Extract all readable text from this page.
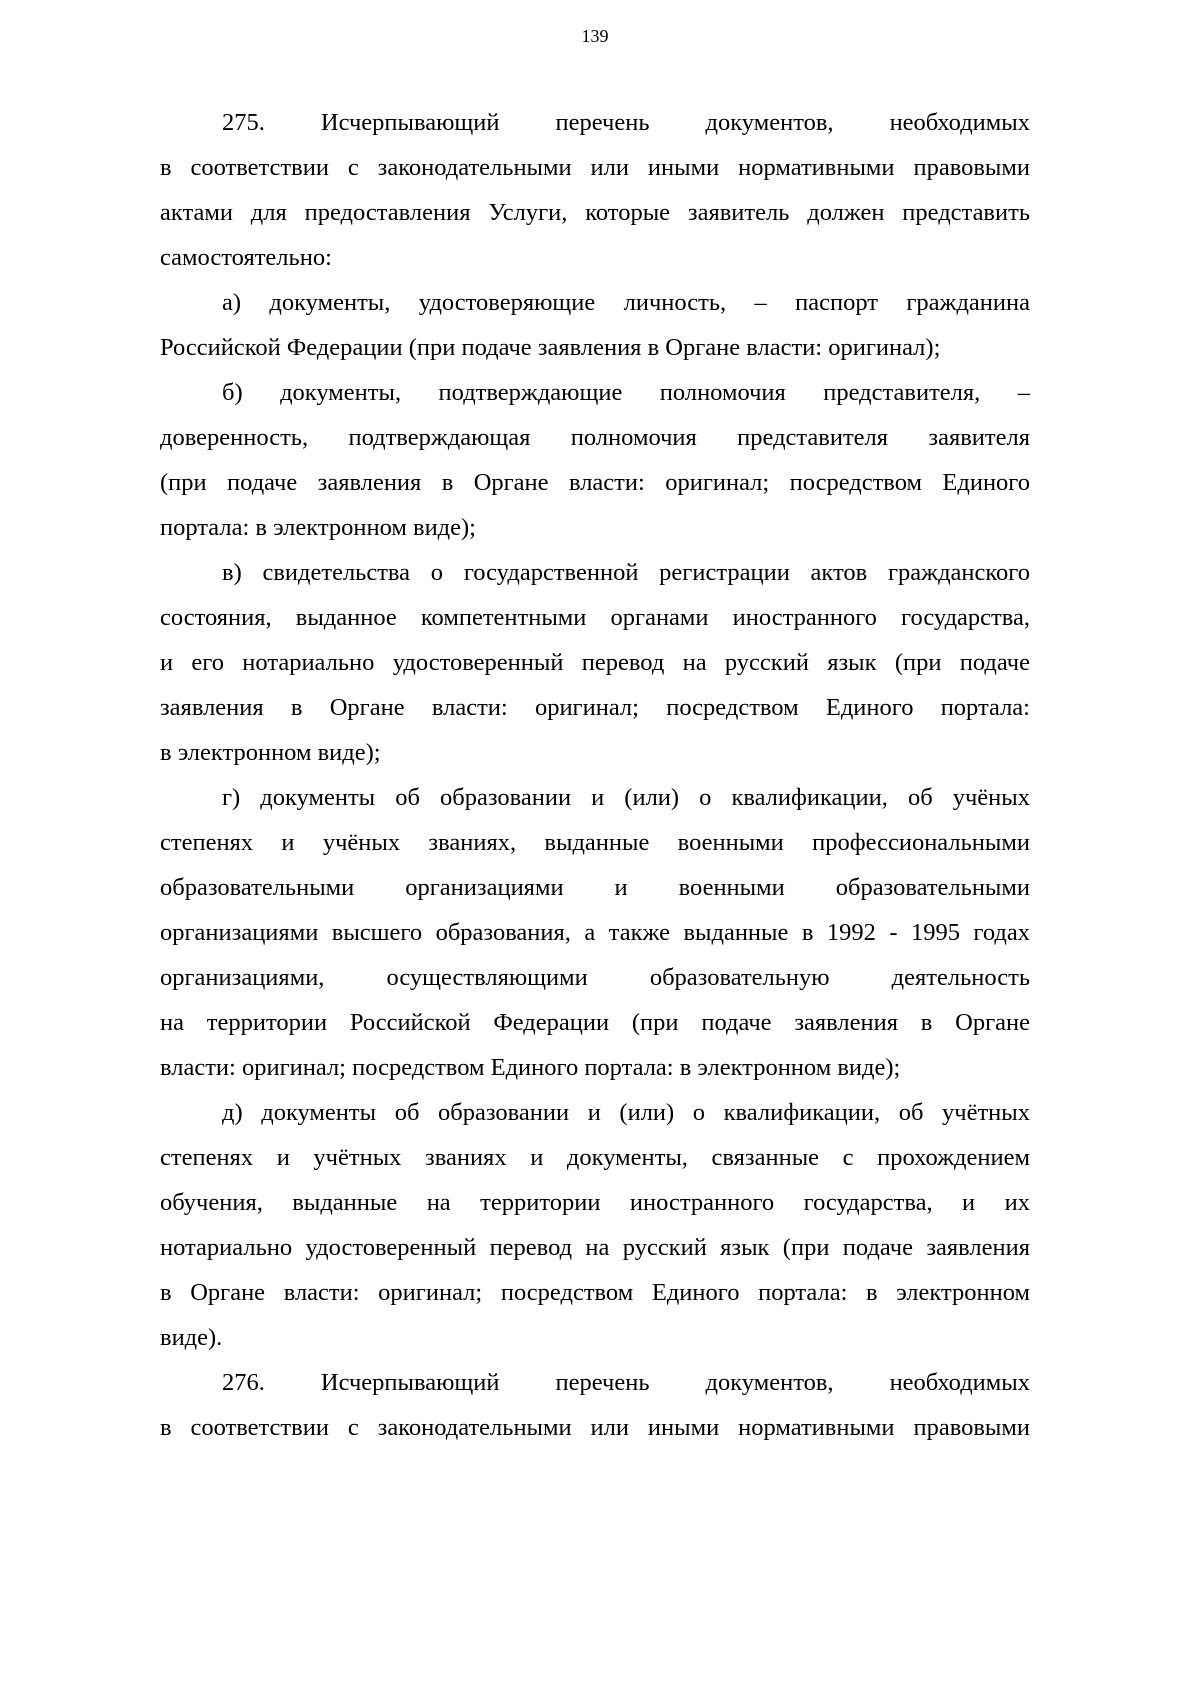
139
275. Исчерпывающий перечень документов, необходимых
в соответствии с законодательными или иными нормативными правовыми
актами для предоставления Услуги, которые заявитель должен представить
самостоятельно:
а) документы, удостоверяющие личность, – паспорт гражданина
Российской Федерации (при подаче заявления в Органе власти: оригинал);
б) документы, подтверждающие полномочия представителя, –
доверенность, подтверждающая полномочия представителя заявителя
(при подаче заявления в Органе власти: оригинал; посредством Единого
портала: в электронном виде);
в) свидетельства о государственной регистрации актов гражданского
состояния, выданное компетентными органами иностранного государства,
и его нотариально удостоверенный перевод на русский язык (при подаче
заявления в Органе власти: оригинал; посредством Единого портала:
в электронном виде);
г) документы об образовании и (или) о квалификации, об учёных
степенях и учёных званиях, выданные военными профессиональными
образовательными организациями и военными образовательными
организациями высшего образования, а также выданные в 1992 - 1995 годах
организациями, осуществляющими образовательную деятельность
на территории Российской Федерации (при подаче заявления в Органе
власти: оригинал; посредством Единого портала: в электронном виде);
д) документы об образовании и (или) о квалификации, об учётных
степенях и учётных званиях и документы, связанные с прохождением
обучения, выданные на территории иностранного государства, и их
нотариально удостоверенный перевод на русский язык (при подаче заявления
в Органе власти: оригинал; посредством Единого портала: в электронном
виде).
276. Исчерпывающий перечень документов, необходимых
в соответствии с законодательными или иными нормативными правовыми
